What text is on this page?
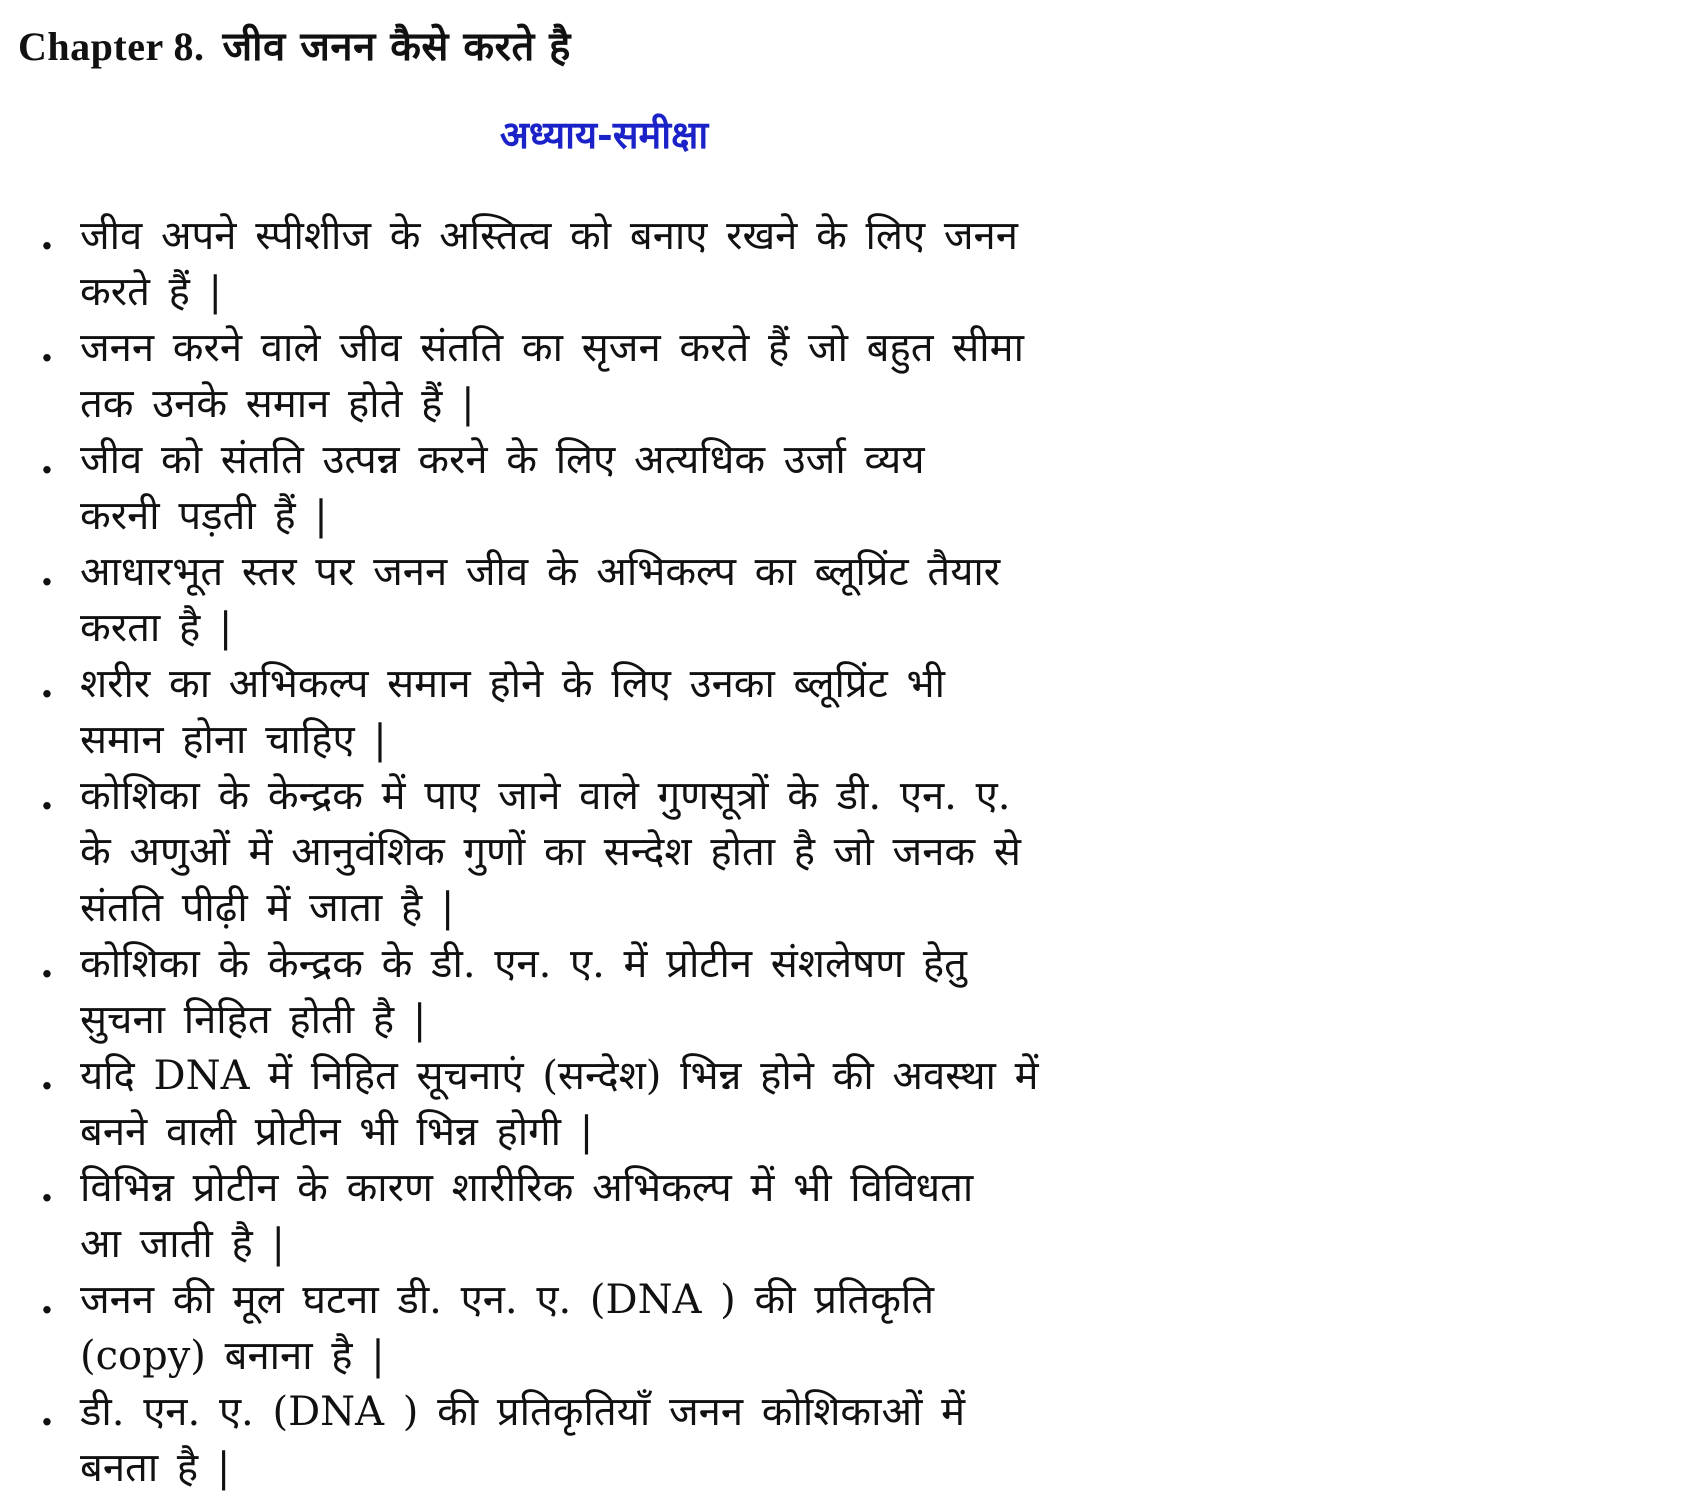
Chapter 8. जीव जनन कैसे करते है
अध्याय-समीक्षा
. जीव अपने स्पीशीज के अस्तित्व को बनाए रखने के लिए जनन
करते हैं |
. जनन करने वाले जीव संतति का सृजन करते हैं जो बहुत सीमा
तक उनके समान होते हैं |
. जीव को संतति उत्पन्न करने के लिए अत्यधिक उर्जा व्यय
करनी पड़ती हैं |
. आधारभूत स्तर पर जनन जीव के अभिकल्प का ब्लूप्रिंट तैयार
करता है |
. शरीर का अभिकल्प समान होने के लिए उनका ब्लूप्रिंट भी
समान होना चाहिए |
. कोशिका के केन्द्रक में पाए जाने वाले गुणसूत्रों के डी. एन. ए.
के अणुओं में आनुवंशिक गुणों का सन्देश होता है जो जनक से
संतति पीढ़ी में जाता है |
. कोशिका के केन्द्रक के डी. एन. ए. में प्रोटीन संशलेषण हेतु
सुचना निहित होती है |
. यदि DNA में निहित सूचनाएं (सन्देश) भिन्न होने की अवस्था में
बनने वाली प्रोटीन भी भिन्न होगी |
. विभिन्न प्रोटीन के कारण शारीरिक अभिकल्प में भी विविधता
आ जाती है |
. जनन की मूल घटना डी. एन. ए. (DNA ) की प्रतिकृति
(copy) बनाना है |
. डी. एन. ए. (DNA ) की प्रतिकृतियाँ जनन कोशिकाओं में
बनता है |
